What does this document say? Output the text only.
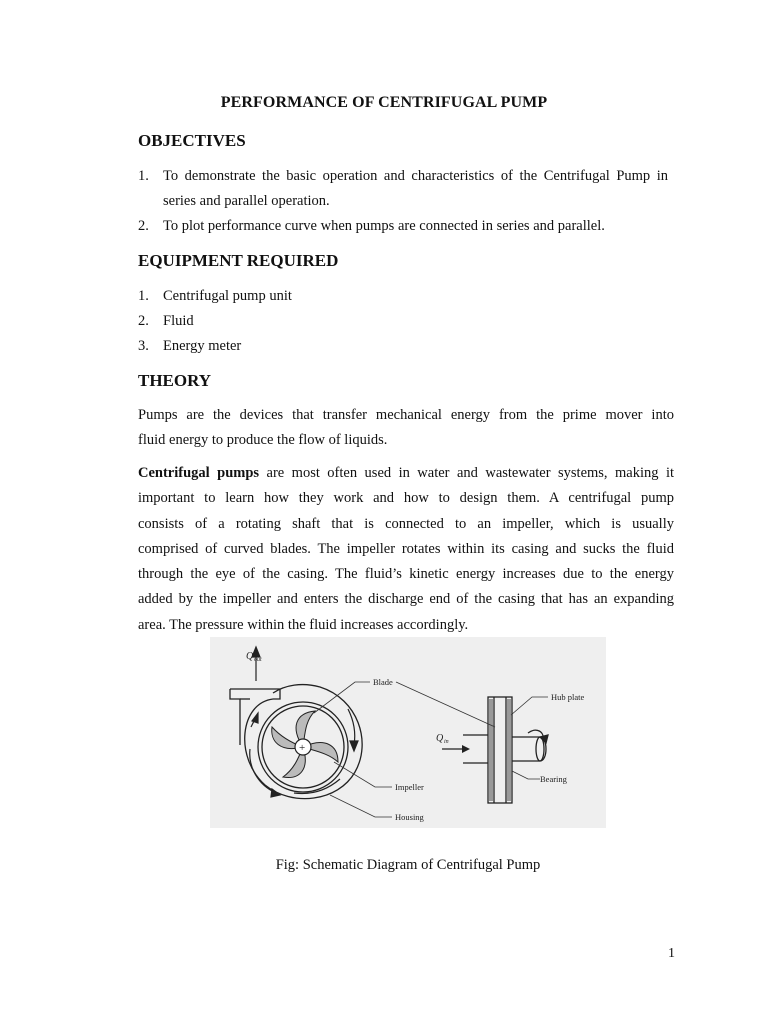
PERFORMANCE OF CENTRIFUGAL PUMP
OBJECTIVES
1. To demonstrate the basic operation and characteristics of the Centrifugal Pump in
series and parallel operation.
2. To plot performance curve when pumps are connected in series and parallel.
EQUIPMENT REQUIRED
1. Centrifugal pump unit
2. Fluid
3. Energy meter
THEORY
Pumps are the devices that transfer mechanical energy from the prime mover into
fluid energy to produce the flow of liquids.
Centrifugal pumps are most often used in water and wastewater systems, making it
important to learn how they work and how to design them. A centrifugal pump
consists of a rotating shaft that is connected to an impeller, which is usually
comprised of curved blades. The impeller rotates within its casing and sucks the fluid
through the eye of the casing. The fluid’s kinetic energy increases due to the energy
added by the impeller and enters the discharge end of the casing that has an expanding
area. The pressure within the fluid increases accordingly.
+
Blade
Impeller
Housing
Hub plate
Bearing
Q out
Q in
Fig: Schematic Diagram of Centrifugal Pump
1
